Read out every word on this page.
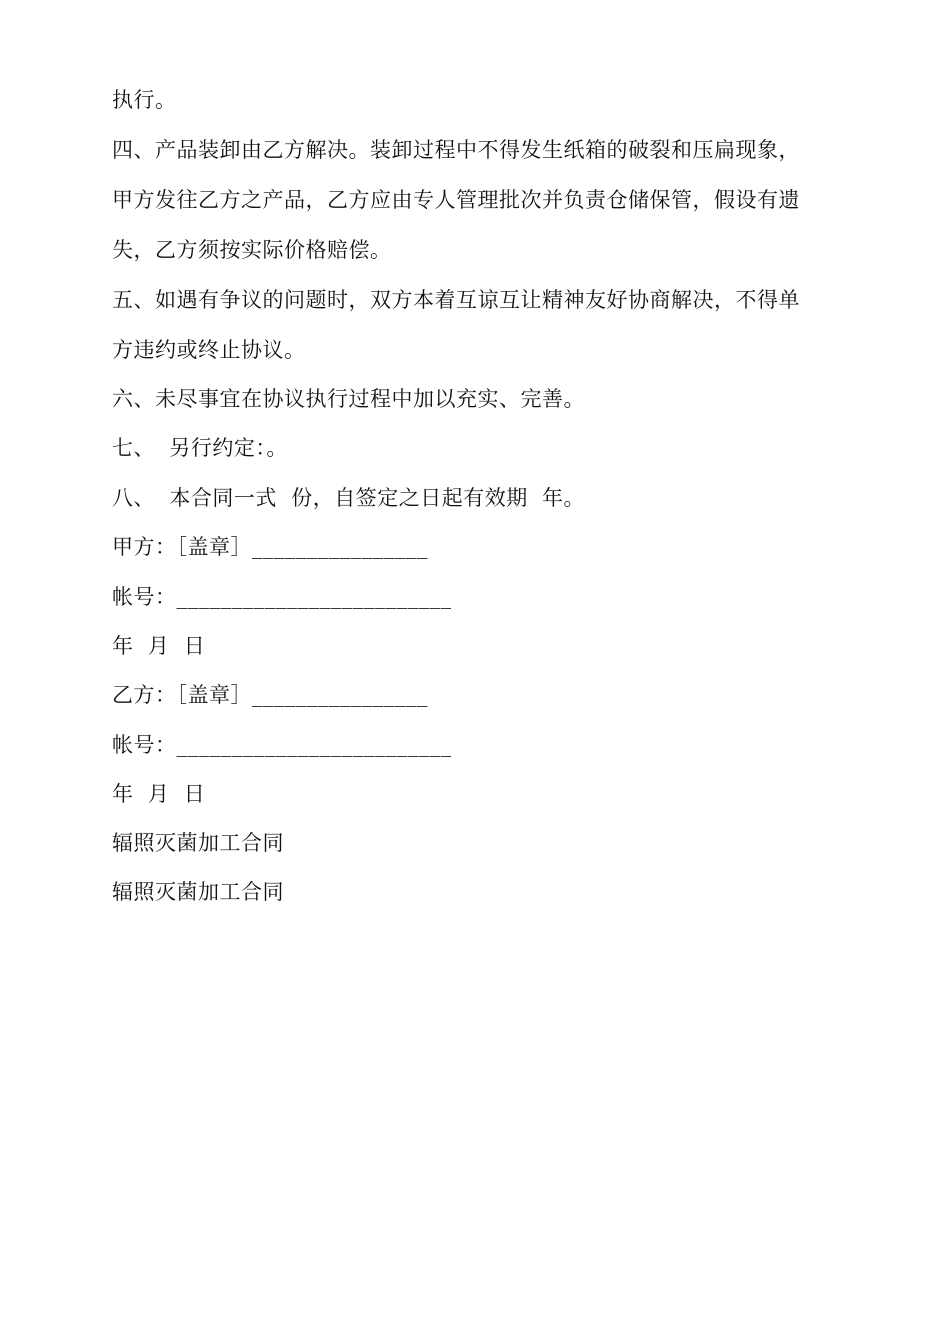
执行。
四、产品装卸由乙方解决。装卸过程中不得发生纸箱的破裂和压扁现象，
甲方发往乙方之产品，乙方应由专人管理批次并负责仓储保管，假设有遗
失，乙方须按实际价格赔偿。
五、如遇有争议的问题时，双方本着互谅互让精神友好协商解决，不得单
方违约或终止协议。
六、未尽事宜在协议执行过程中加以充实、完善。
七、  另行约定：。
八、  本合同一式  份，自签定之日起有效期  年。
甲方：［盖章］________________
帐号：_________________________
年  月  日
乙方：［盖章］________________
帐号：_________________________
年  月  日
辐照灭菌加工合同
辐照灭菌加工合同
